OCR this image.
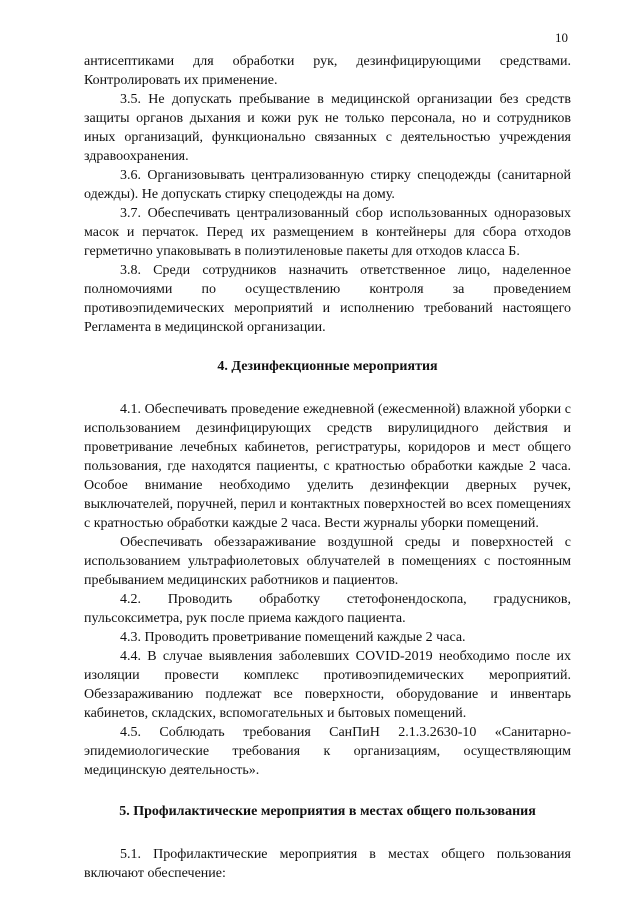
10

антисептиками для обработки рук, дезинфицирующими средствами. Контролировать их применение.

3.5. Не допускать пребывание в медицинской организации без средств защиты органов дыхания и кожи рук не только персонала, но и сотрудников иных организаций, функционально связанных с деятельностью учреждения здравоохранения.

3.6. Организовывать централизованную стирку спецодежды (санитарной одежды). Не допускать стирку спецодежды на дому.

3.7. Обеспечивать централизованный сбор использованных одноразовых масок и перчаток. Перед их размещением в контейнеры для сбора отходов герметично упаковывать в полиэтиленовые пакеты для отходов класса Б.

3.8. Среди сотрудников назначить ответственное лицо, наделенное полномочиями по осуществлению контроля за проведением противоэпидемических мероприятий и исполнению требований настоящего Регламента в медицинской организации.

4. Дезинфекционные мероприятия

4.1. Обеспечивать проведение ежедневной (ежесменной) влажной уборки с использованием дезинфицирующих средств вирулицидного действия и проветривание лечебных кабинетов, регистратуры, коридоров и мест общего пользования, где находятся пациенты, с кратностью обработки каждые 2 часа. Особое внимание необходимо уделить дезинфекции дверных ручек, выключателей, поручней, перил и контактных поверхностей во всех помещениях с кратностью обработки каждые 2 часа. Вести журналы уборки помещений.

Обеспечивать обеззараживание воздушной среды и поверхностей с использованием ультрафиолетовых облучателей в помещениях с постоянным пребыванием медицинских работников и пациентов.

4.2. Проводить обработку стетофонендоскопа, градусников, пульсоксиметра, рук после приема каждого пациента.

4.3. Проводить проветривание помещений каждые 2 часа.

4.4. В случае выявления заболевших COVID-2019 необходимо после их изоляции провести комплекс противоэпидемических мероприятий. Обеззараживанию подлежат все поверхности, оборудование и инвентарь кабинетов, складских, вспомогательных и бытовых помещений.

4.5. Соблюдать требования СанПиН 2.1.3.2630-10 «Санитарно-эпидемиологические требования к организациям, осуществляющим медицинскую деятельность».

5. Профилактические мероприятия в местах общего пользования

5.1. Профилактические мероприятия в местах общего пользования включают обеспечение:
